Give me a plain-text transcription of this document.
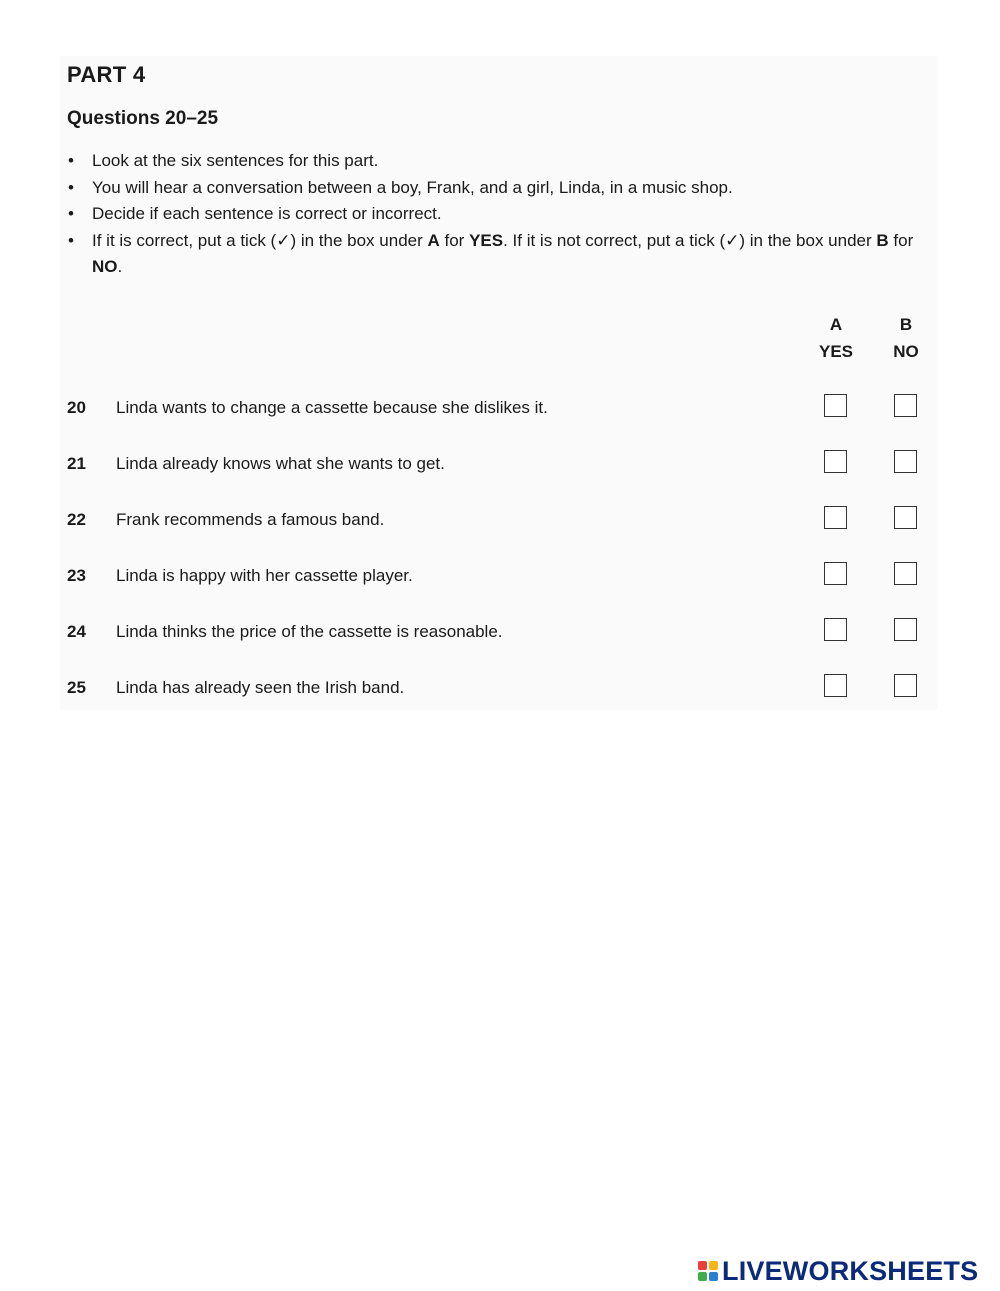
PART 4
Questions 20–25
• Look at the six sentences for this part.
• You will hear a conversation between a boy, Frank, and a girl, Linda, in a music shop.
• Decide if each sentence is correct or incorrect.
• If it is correct, put a tick (✓) in the box under A for YES. If it is not correct, put a tick (✓) in the box under B for NO.
A
YES
B
NO
20 Linda wants to change a cassette because she dislikes it.
21 Linda already knows what she wants to get.
22 Frank recommends a famous band.
23 Linda is happy with her cassette player.
24 Linda thinks the price of the cassette is reasonable.
25 Linda has already seen the Irish band.
LIVEWORKSHEETS
